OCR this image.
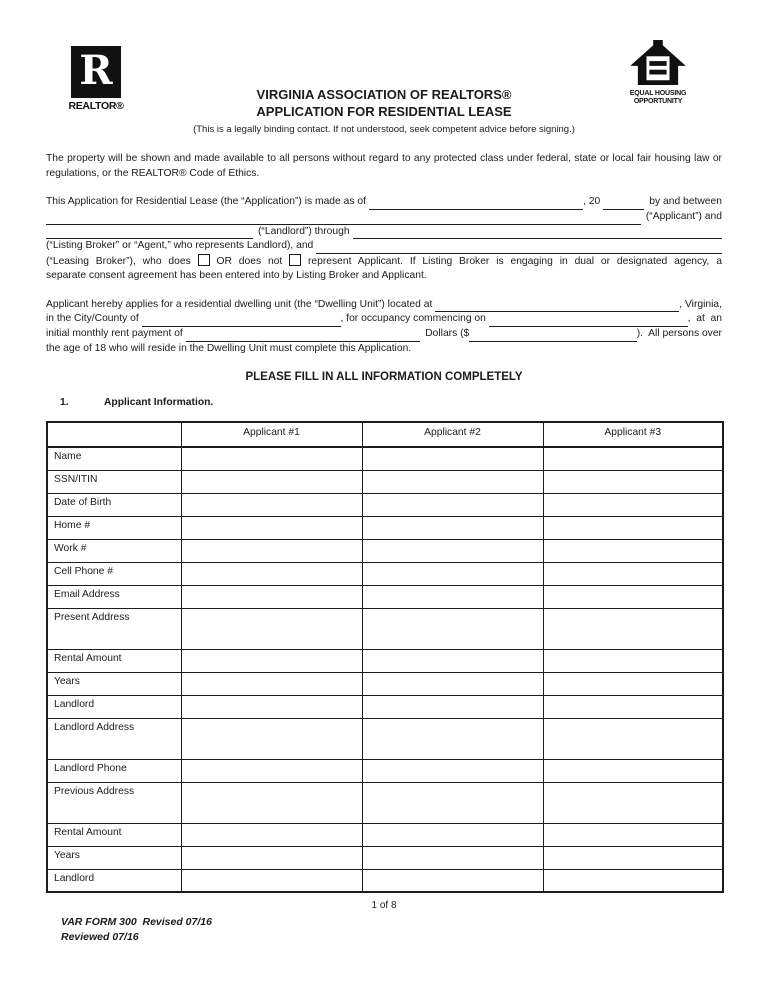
R
REALTOR®
VIRGINIA ASSOCIATION OF REALTORS®
APPLICATION FOR RESIDENTIAL LEASE
(This is a legally binding contact. If not understood, seek competent advice before signing.)
EQUAL HOUSING
OPPORTUNITY
The property will be shown and made available to all persons without regard to any protected class under federal, state or local fair housing law or regulations, or the REALTOR® Code of Ethics.
This Application for Residential Lease (the “Application”) is made as of	, 20	by and between
(“Applicant”) and
(“Landlord”) through
(“Listing Broker” or “Agent,” who represents Landlord), and
(“Leasing Broker”), who does OR does not represent Applicant. If Listing Broker is engaging in dual or designated agency, a
separate consent agreement has been entered into by Listing Broker and Applicant.
Applicant hereby applies for a residential dwelling unit (the “Dwelling Unit”) located at	, Virginia,
in the City/County of	, for occupancy commencing on	,  at  an
initial monthly rent payment of	Dollars ($	).  All persons over
the age of 18 who will reside in the Dwelling Unit must complete this Application.
PLEASE FILL IN ALL INFORMATION COMPLETELY
1.	Applicant Information.
	Applicant #1	Applicant #2	Applicant #3
Name			
SSN/ITIN			
Date of Birth			
Home #			
Work #			
Cell Phone #			
Email Address			
Present Address			
Rental Amount			
Years			
Landlord			
Landlord Address			
Landlord Phone			
Previous Address			
Rental Amount			
Years			
Landlord			
1 of 8
VAR FORM 300  Revised 07/16
Reviewed 07/16
